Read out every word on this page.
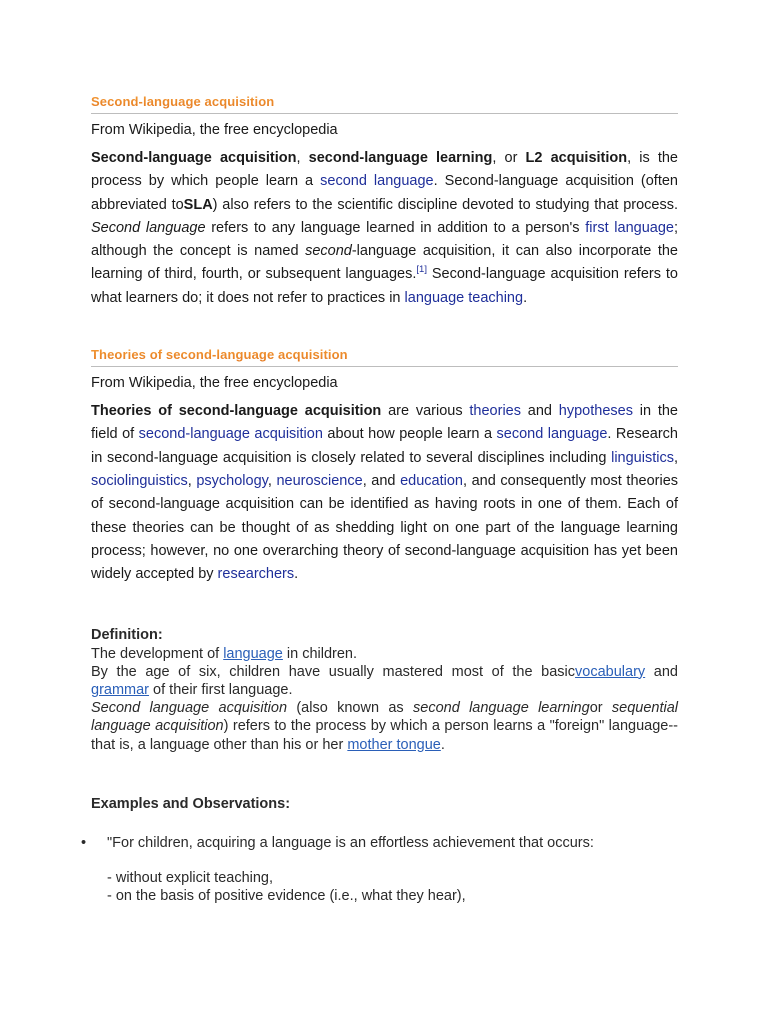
Second-language acquisition
From Wikipedia, the free encyclopedia
Second-language acquisition, second-language learning, or L2 acquisition, is the process by which people learn a second language. Second-language acquisition (often abbreviated toSLA) also refers to the scientific discipline devoted to studying that process. Second language refers to any language learned in addition to a person's first language; although the concept is named second-language acquisition, it can also incorporate the learning of third, fourth, or subsequent languages.[1] Second-language acquisition refers to what learners do; it does not refer to practices in language teaching.
Theories of second-language acquisition
From Wikipedia, the free encyclopedia
Theories of second-language acquisition are various theories and hypotheses in the field of second-language acquisition about how people learn a second language. Research in second-language acquisition is closely related to several disciplines including linguistics, sociolinguistics, psychology, neuroscience, and education, and consequently most theories of second-language acquisition can be identified as having roots in one of them. Each of these theories can be thought of as shedding light on one part of the language learning process; however, no one overarching theory of second-language acquisition has yet been widely accepted by researchers.
Definition:
The development of language in children.
By the age of six, children have usually mastered most of the basicvocabulary and grammar of their first language.
Second language acquisition (also known as second language learningor sequential language acquisition) refers to the process by which a person learns a "foreign" language--that is, a language other than his or her mother tongue.
Examples and Observations:
• "For children, acquiring a language is an effortless achievement that occurs:
- without explicit teaching,
- on the basis of positive evidence (i.e., what they hear),
